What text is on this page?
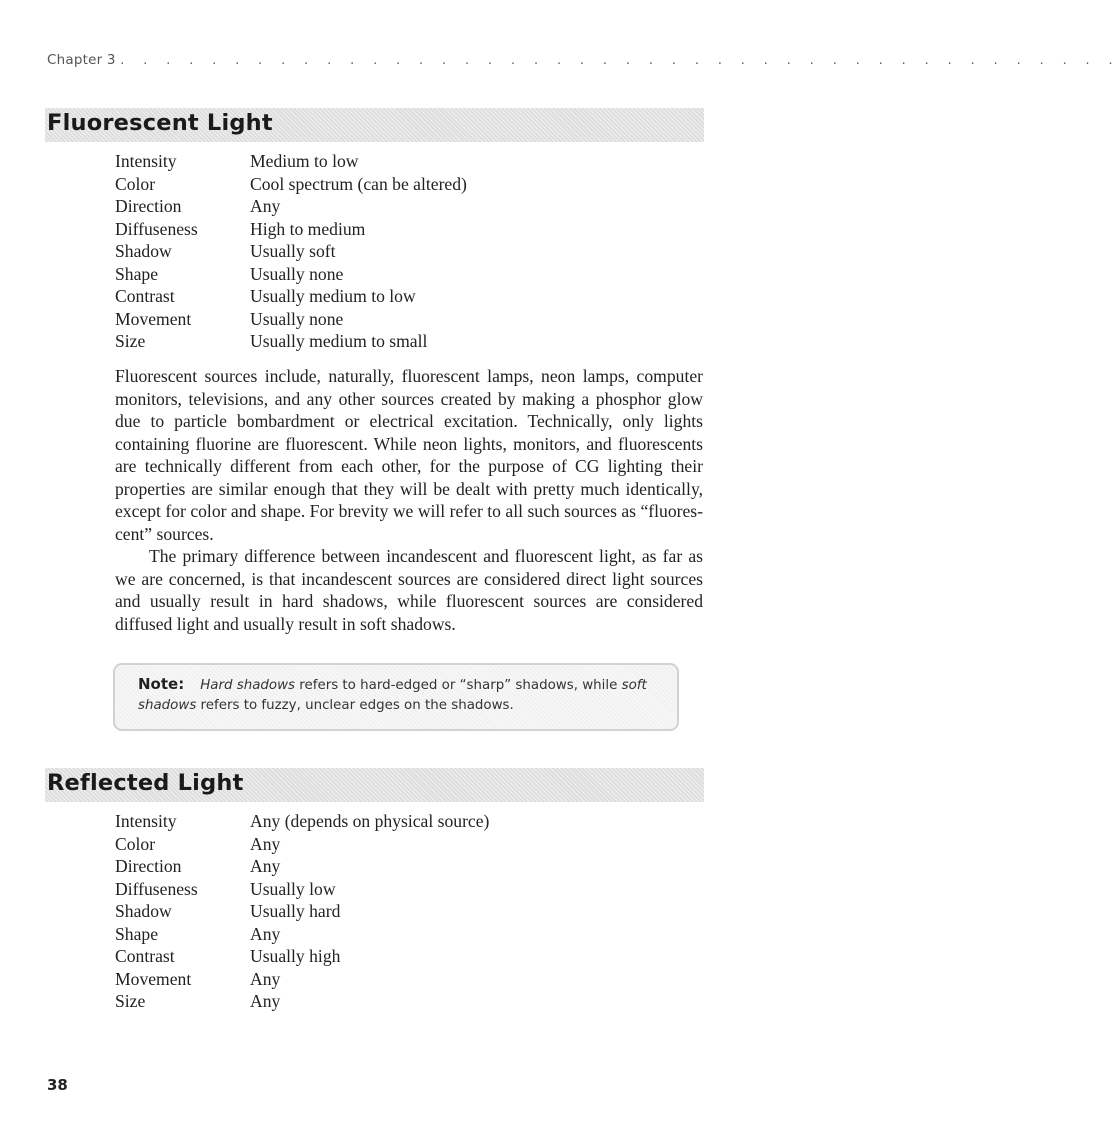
Chapter 3 . . . . . . . . . . . . . . . . . . . . . . . . . . . . . . . . . . . . . . . . . . . .
Fluorescent Light
Intensity	Medium to low
Color	Cool spectrum (can be altered)
Direction	Any
Diffuseness	High to medium
Shadow	Usually soft
Shape	Usually none
Contrast	Usually medium to low
Movement	Usually none
Size	Usually medium to small

Fluorescent sources include, naturally, fluorescent lamps, neon lamps, computer monitors, televisions, and any other sources created by making a phosphor glow due to particle bombardment or electrical excitation. Technically, only lights containing fluorine are fluorescent. While neon lights, monitors, and fluorescents are technically different from each other, for the purpose of CG lighting their properties are similar enough that they will be dealt with pretty much identically, except for color and shape. For brevity we will refer to all such sources as “fluorescent” sources.

The primary difference between incandescent and fluorescent light, as far as we are concerned, is that incandescent sources are considered direct light sources and usually result in hard shadows, while fluorescent sources are considered diffused light and usually result in soft shadows.

Note: Hard shadows refers to hard-edged or “sharp” shadows, while soft shadows refers to fuzzy, unclear edges on the shadows.
Reflected Light
Intensity	Any (depends on physical source)
Color	Any
Direction	Any
Diffuseness	Usually low
Shadow	Usually hard
Shape	Any
Contrast	Usually high
Movement	Any
Size	Any
38
